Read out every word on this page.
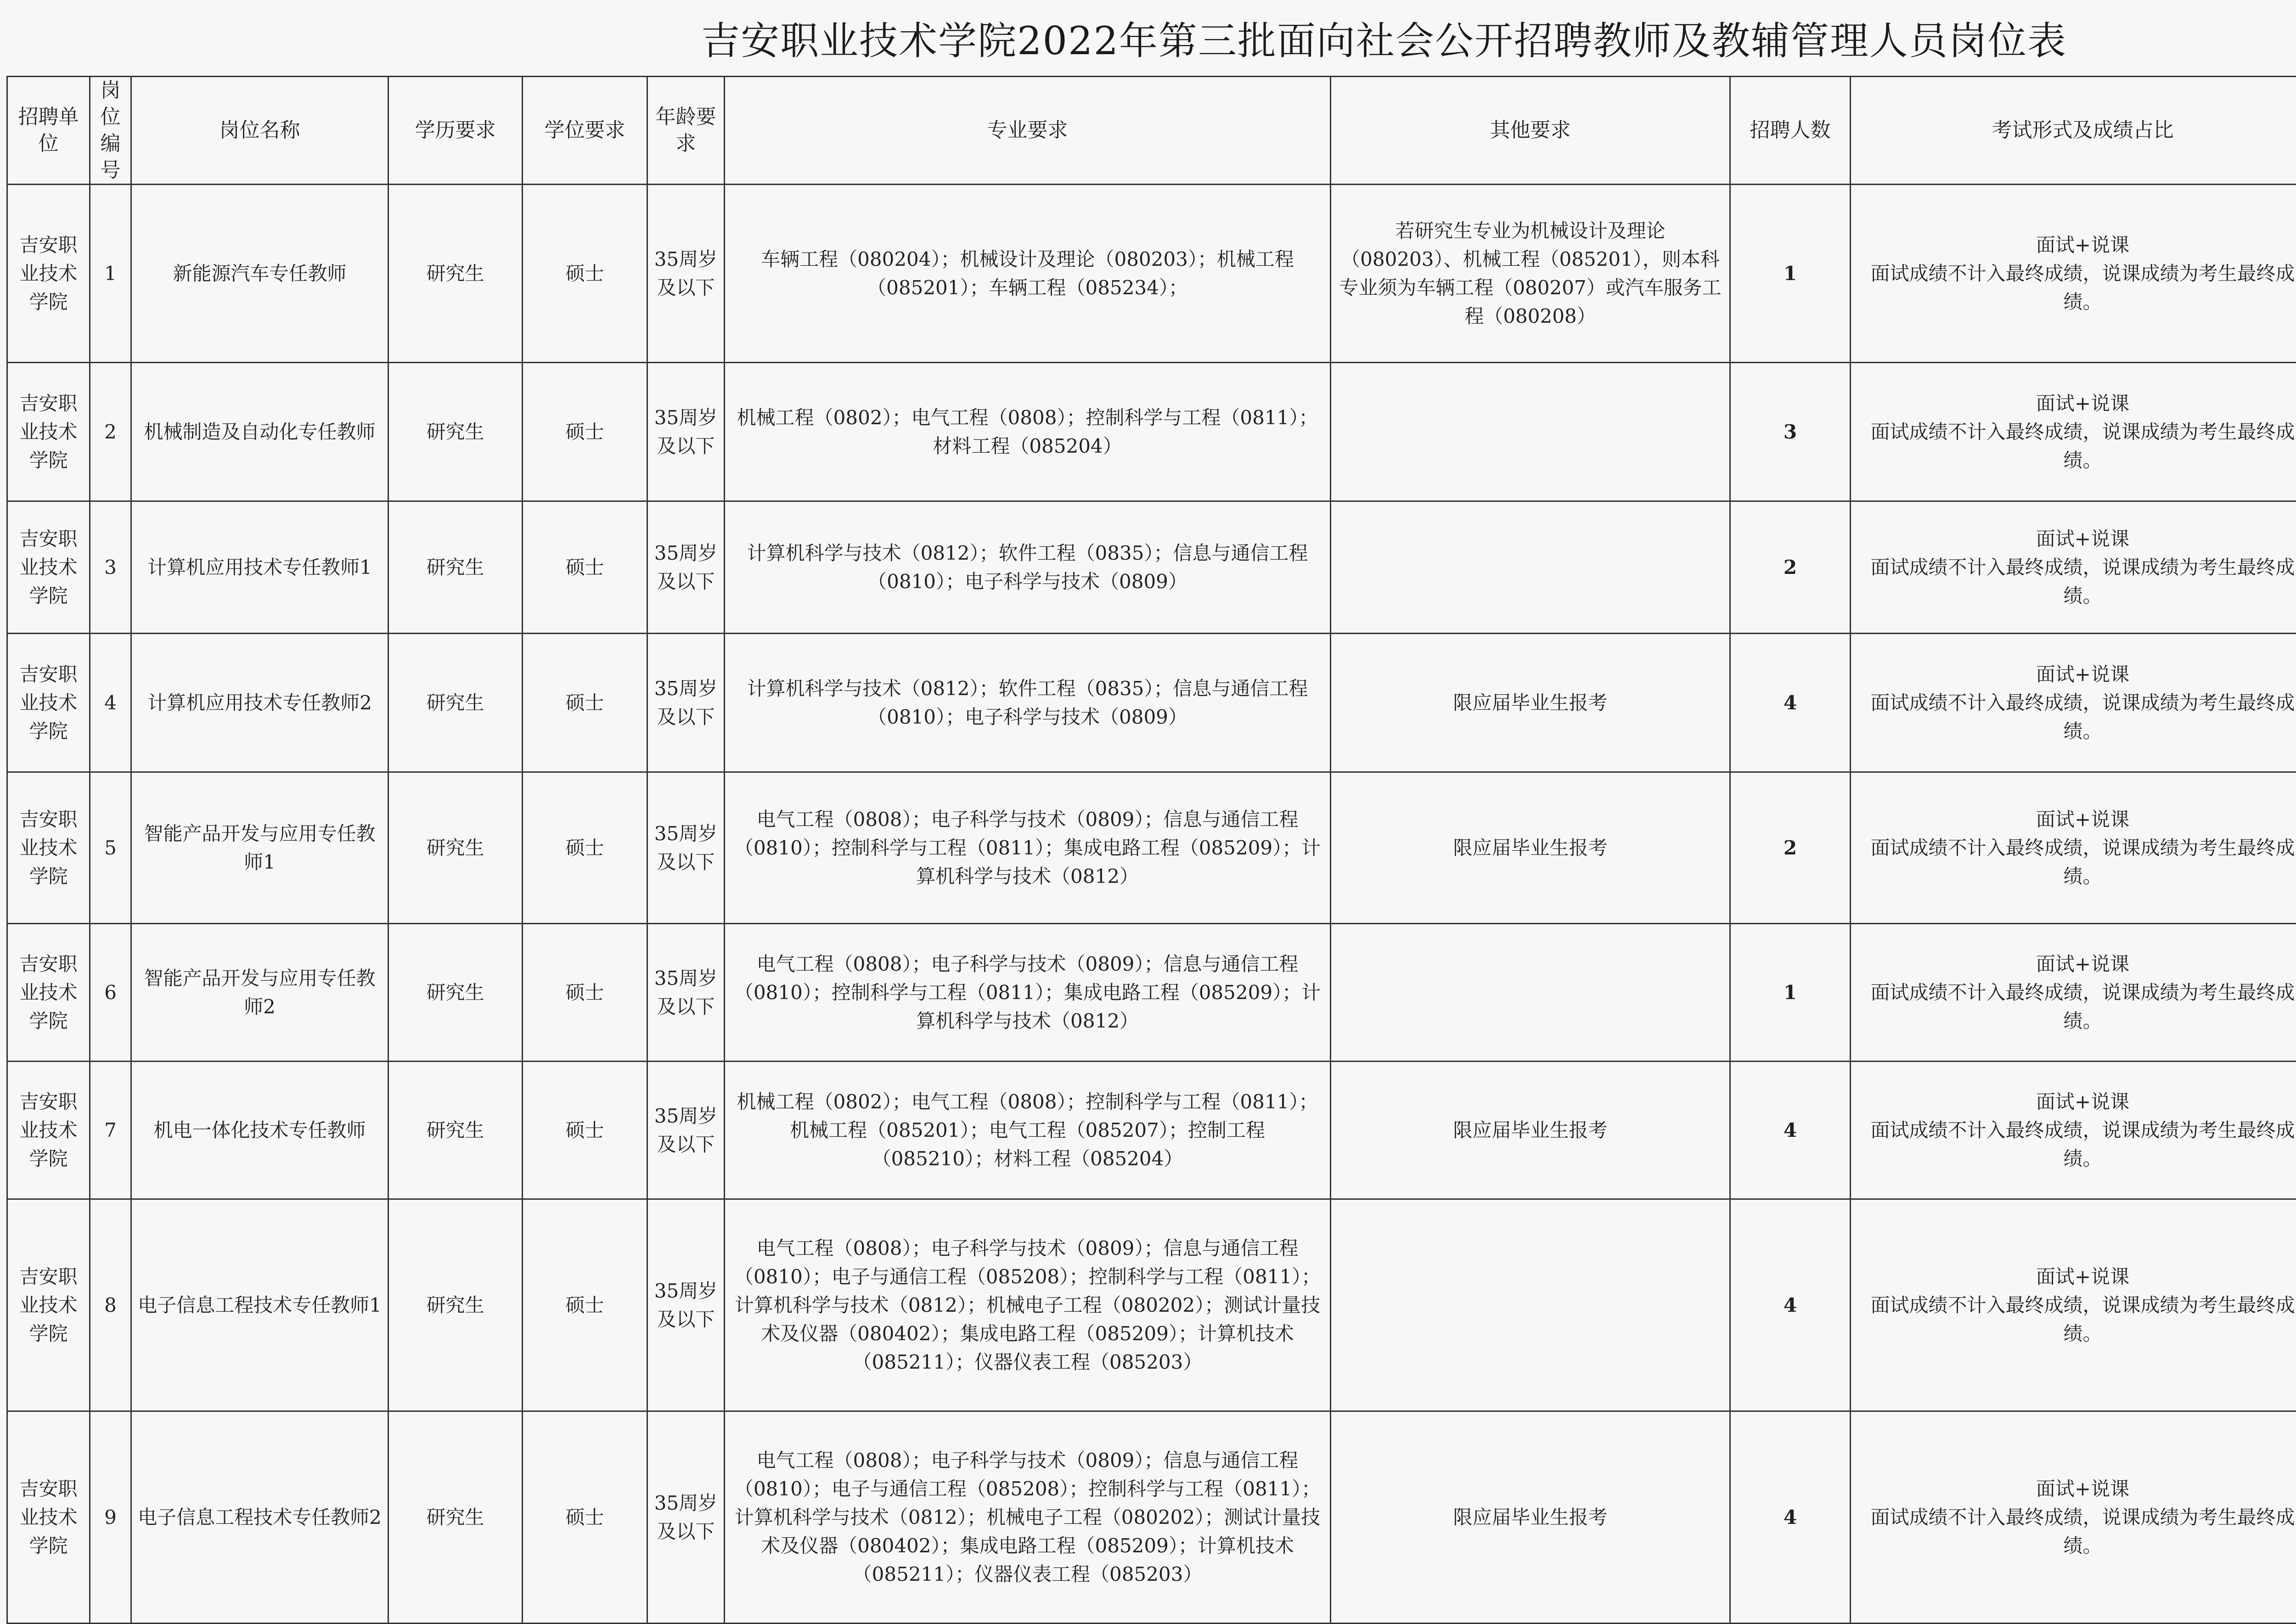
吉安职业技术学院2022年第三批面向社会公开招聘教师及教辅管理人员岗位表
招聘单位	岗位编号	岗位名称	学历要求	学位要求	年龄要求	专业要求	其他要求	招聘人数	考试形式及成绩占比		
吉安职业技术学院	1	新能源汽车专任教师	研究生	硕士	35周岁及以下	车辆工程（080204）；机械设计及理论（080203）；机械工程（085201）；车辆工程（085234）；	若研究生专业为机械设计及理论（080203）、机械工程（085201），则本科专业须为车辆工程（080207）或汽车服务工程（080208）	1	面试+说课
面试成绩不计入最终成绩，说课成绩为考生最终成绩。		
吉安职业技术学院	2	机械制造及自动化专任教师	研究生	硕士	35周岁及以下	机械工程（0802）；电气工程（0808）；控制科学与工程（0811）；材料工程（085204）		3	面试+说课
面试成绩不计入最终成绩，说课成绩为考生最终成绩。		
吉安职业技术学院	3	计算机应用技术专任教师1	研究生	硕士	35周岁及以下	计算机科学与技术（0812）；软件工程（0835）；信息与通信工程（0810）；电子科学与技术（0809）		2	面试+说课
面试成绩不计入最终成绩，说课成绩为考生最终成绩。		
吉安职业技术学院	4	计算机应用技术专任教师2	研究生	硕士	35周岁及以下	计算机科学与技术（0812）；软件工程（0835）；信息与通信工程（0810）；电子科学与技术（0809）	限应届毕业生报考	4	面试+说课
面试成绩不计入最终成绩，说课成绩为考生最终成绩。		
吉安职业技术学院	5	智能产品开发与应用专任教师1	研究生	硕士	35周岁及以下	电气工程（0808）；电子科学与技术（0809）；信息与通信工程（0810）；控制科学与工程（0811）；集成电路工程（085209）；计算机科学与技术（0812）	限应届毕业生报考	2	面试+说课
面试成绩不计入最终成绩，说课成绩为考生最终成绩。		
吉安职业技术学院	6	智能产品开发与应用专任教师2	研究生	硕士	35周岁及以下	电气工程（0808）；电子科学与技术（0809）；信息与通信工程（0810）；控制科学与工程（0811）；集成电路工程（085209）；计算机科学与技术（0812）		1	面试+说课
面试成绩不计入最终成绩，说课成绩为考生最终成绩。		
吉安职业技术学院	7	机电一体化技术专任教师	研究生	硕士	35周岁及以下	机械工程（0802）；电气工程（0808）；控制科学与工程（0811）；机械工程（085201）；电气工程（085207）；控制工程（085210）；材料工程（085204）	限应届毕业生报考	4	面试+说课
面试成绩不计入最终成绩，说课成绩为考生最终成绩。		
吉安职业技术学院	8	电子信息工程技术专任教师1	研究生	硕士	35周岁及以下	电气工程（0808）；电子科学与技术（0809）；信息与通信工程（0810）；电子与通信工程（085208）；控制科学与工程（0811）；计算机科学与技术（0812）；机械电子工程（080202）；测试计量技术及仪器（080402）；集成电路工程（085209）；计算机技术（085211）；仪器仪表工程（085203）		4	面试+说课
面试成绩不计入最终成绩，说课成绩为考生最终成绩。		
吉安职业技术学院	9	电子信息工程技术专任教师2	研究生	硕士	35周岁及以下	电气工程（0808）；电子科学与技术（0809）；信息与通信工程（0810）；电子与通信工程（085208）；控制科学与工程（0811）；计算机科学与技术（0812）；机械电子工程（080202）；测试计量技术及仪器（080402）；集成电路工程（085209）；计算机技术（085211）；仪器仪表工程（085203）	限应届毕业生报考	4	面试+说课
面试成绩不计入最终成绩，说课成绩为考生最终成绩。		
